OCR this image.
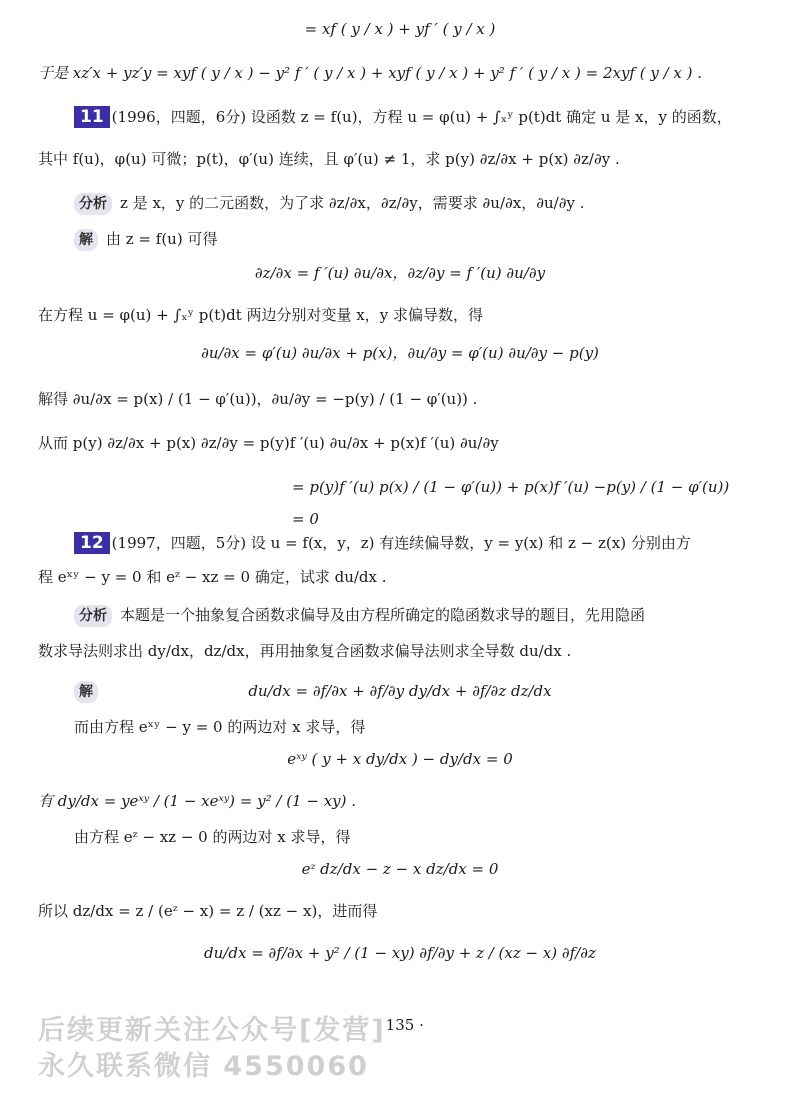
= xf ( y / x ) + yf ′ ( y / x )
于是 xz′x + yz′y = xyf ( y / x ) − y² f ′ ( y / x ) + xyf ( y / x ) + y² f ′ ( y / x ) = 2xyf ( y / x ) .
11 (1996，四题，6分) 设函数 z = f(u)，方程 u = φ(u) + ∫ₓʸ p(t)dt 确定 u 是 x，y 的函数，
其中 f(u)，φ(u) 可微；p(t)，φ′(u) 连续，且 φ′(u) ≠ 1，求 p(y) ∂z/∂x + p(x) ∂z/∂y .
分析 z 是 x，y 的二元函数，为了求 ∂z/∂x，∂z/∂y，需要求 ∂u/∂x，∂u/∂y .
解 由 z = f(u) 可得
∂z/∂x = f ′(u) ∂u/∂x，∂z/∂y = f ′(u) ∂u/∂y
在方程 u = φ(u) + ∫ₓʸ p(t)dt 两边分别对变量 x，y 求偏导数，得
∂u/∂x = φ′(u) ∂u/∂x + p(x)，∂u/∂y = φ′(u) ∂u/∂y − p(y)
解得 ∂u/∂x = p(x) / (1 − φ′(u))，∂u/∂y = −p(y) / (1 − φ′(u)) .
从而 p(y) ∂z/∂x + p(x) ∂z/∂y = p(y)f ′(u) ∂u/∂x + p(x)f ′(u) ∂u/∂y
= p(y)f ′(u) p(x) / (1 − φ′(u)) + p(x)f ′(u) −p(y) / (1 − φ′(u))
= 0
12 (1997，四题，5分) 设 u = f(x，y，z) 有连续偏导数，y = y(x) 和 z − z(x) 分别由方
程 eˣʸ − y = 0 和 eᶻ − xz = 0 确定，试求 du/dx .
分析 本题是一个抽象复合函数求偏导及由方程所确定的隐函数求导的题目，先用隐函
数求导法则求出 dy/dx，dz/dx，再用抽象复合函数求偏导法则求全导数 du/dx .
解	du/dx = ∂f/∂x + ∂f/∂y dy/dx + ∂f/∂z dz/dx
而由方程 eˣʸ − y = 0 的两边对 x 求导，得
eˣʸ ( y + x dy/dx ) − dy/dx = 0
有 dy/dx = yeˣʸ / (1 − xeˣʸ) = y² / (1 − xy) .
由方程 eᶻ − xz − 0 的两边对 x 求导，得
eᶻ dz/dx − z − x dz/dx = 0
所以 dz/dx = z / (eᶻ − x) = z / (xz − x)，进而得
du/dx = ∂f/∂x + y² / (1 − xy) ∂f/∂y + z / (xz − x) ∂f/∂z
· 135 ·
后续更新关注公众号[发营]
永久联系微信 4550060
